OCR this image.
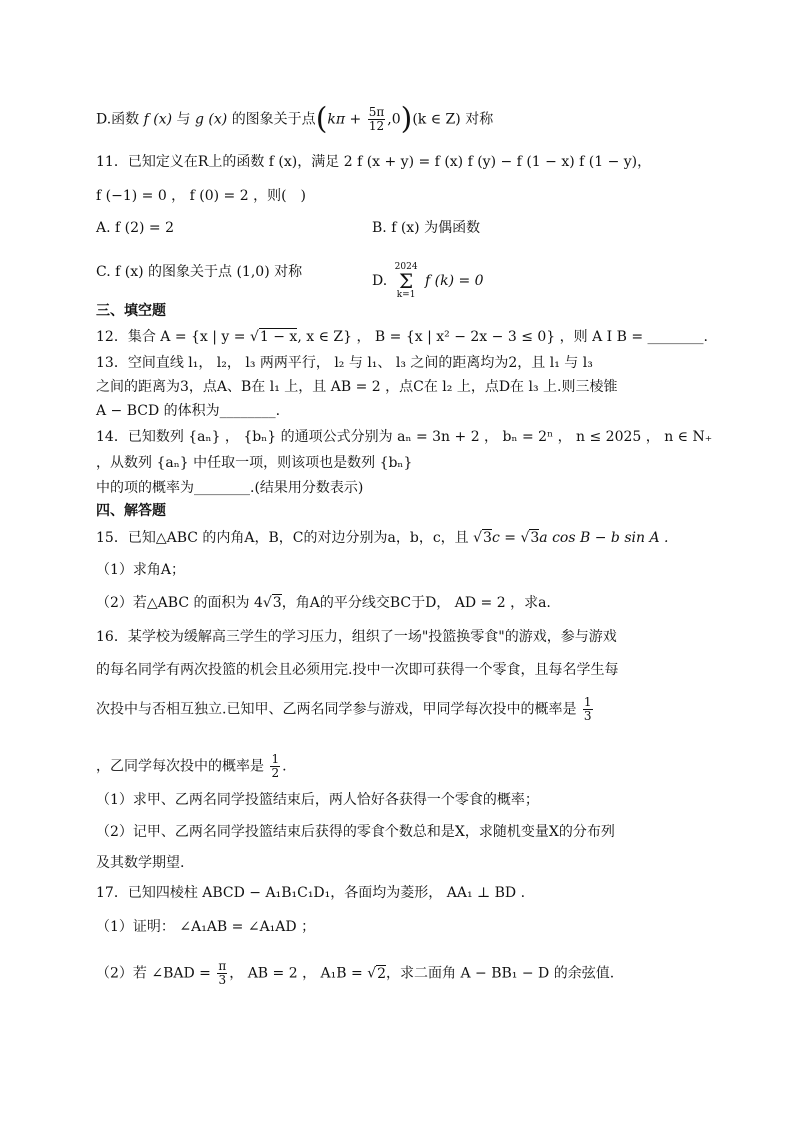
D.函数 f (x) 与 g (x) 的图象关于点$(k\pi + \frac{5\pi}{12} ,0)(k$ ∈ Z) 对称
11．已知定义在R上的函数 f (x)，满足 2 f (x + y) = f (x) f (y) − f (1 − x) f (1 − y)，
f (−1) = 0 ， f (0) = 2 ，则(　)
A. f (2) = 2	B. f (x) 为偶函数
C. f (x) 的图象关于点 (1,0) 对称
D. 2024
Σ
k=1 f (k) = 0
三、填空题
12．集合 A = {x | y = √1 − x, x ∈ Z} ， B = {x | x² − 2x − 3 ≤ 0} ，则 A I B = ________.
13．空间直线 l₁， l₂， l₃ 两两平行， l₂ 与 l₁、 l₃ 之间的距离均为2，且 l₁ 与 l₃
之间的距离为3，点A、B在 l₁ 上，且 AB = 2 ，点C在 l₂ 上，点D在 l₃ 上.则三棱锥
A − BCD 的体积为________.
14．已知数列 {aₙ} ， {bₙ} 的通项公式分别为 aₙ = 3n + 2 ， bₙ = 2ⁿ ， n ≤ 2025 ， n ∈ N₊
，从数列 {aₙ} 中任取一项，则该项也是数列 {bₙ}
中的项的概率为________.(结果用分数表示)
四、解答题
15．已知△ABC 的内角A，B，C的对边分别为a，b，c，且 √3c = √3a cos B − b sin A .
（1）求角A；
（2）若△ABC 的面积为 4√3，角A的平分线交BC于D， AD = 2 ，求a.
16．某学校为缓解高三学生的学习压力，组织了一场"投篮换零食"的游戏，参与游戏
的每名同学有两次投篮的机会且必须用完.投中一次即可获得一个零食，且每名学生每
次投中与否相互独立.已知甲、乙两名同学参与游戏，甲同学每次投中的概率是 $\frac{1}{3}$
，乙同学每次投中的概率是 $\frac{1}{2}$ .
（1）求甲、乙两名同学投篮结束后，两人恰好各获得一个零食的概率；
（2）记甲、乙两名同学投篮结束后获得的零食个数总和是X，求随机变量X的分布列
及其数学期望.
17．已知四棱柱 ABCD − A₁B₁C₁D₁，各面均为菱形， AA₁ ⊥ BD .
（1）证明： ∠A₁AB = ∠A₁AD ；
（2）若 ∠BAD = $\frac{\pi}{3}$ ， AB = 2 ， A₁B = √2，求二面角 A − BB₁ − D 的余弦值.
